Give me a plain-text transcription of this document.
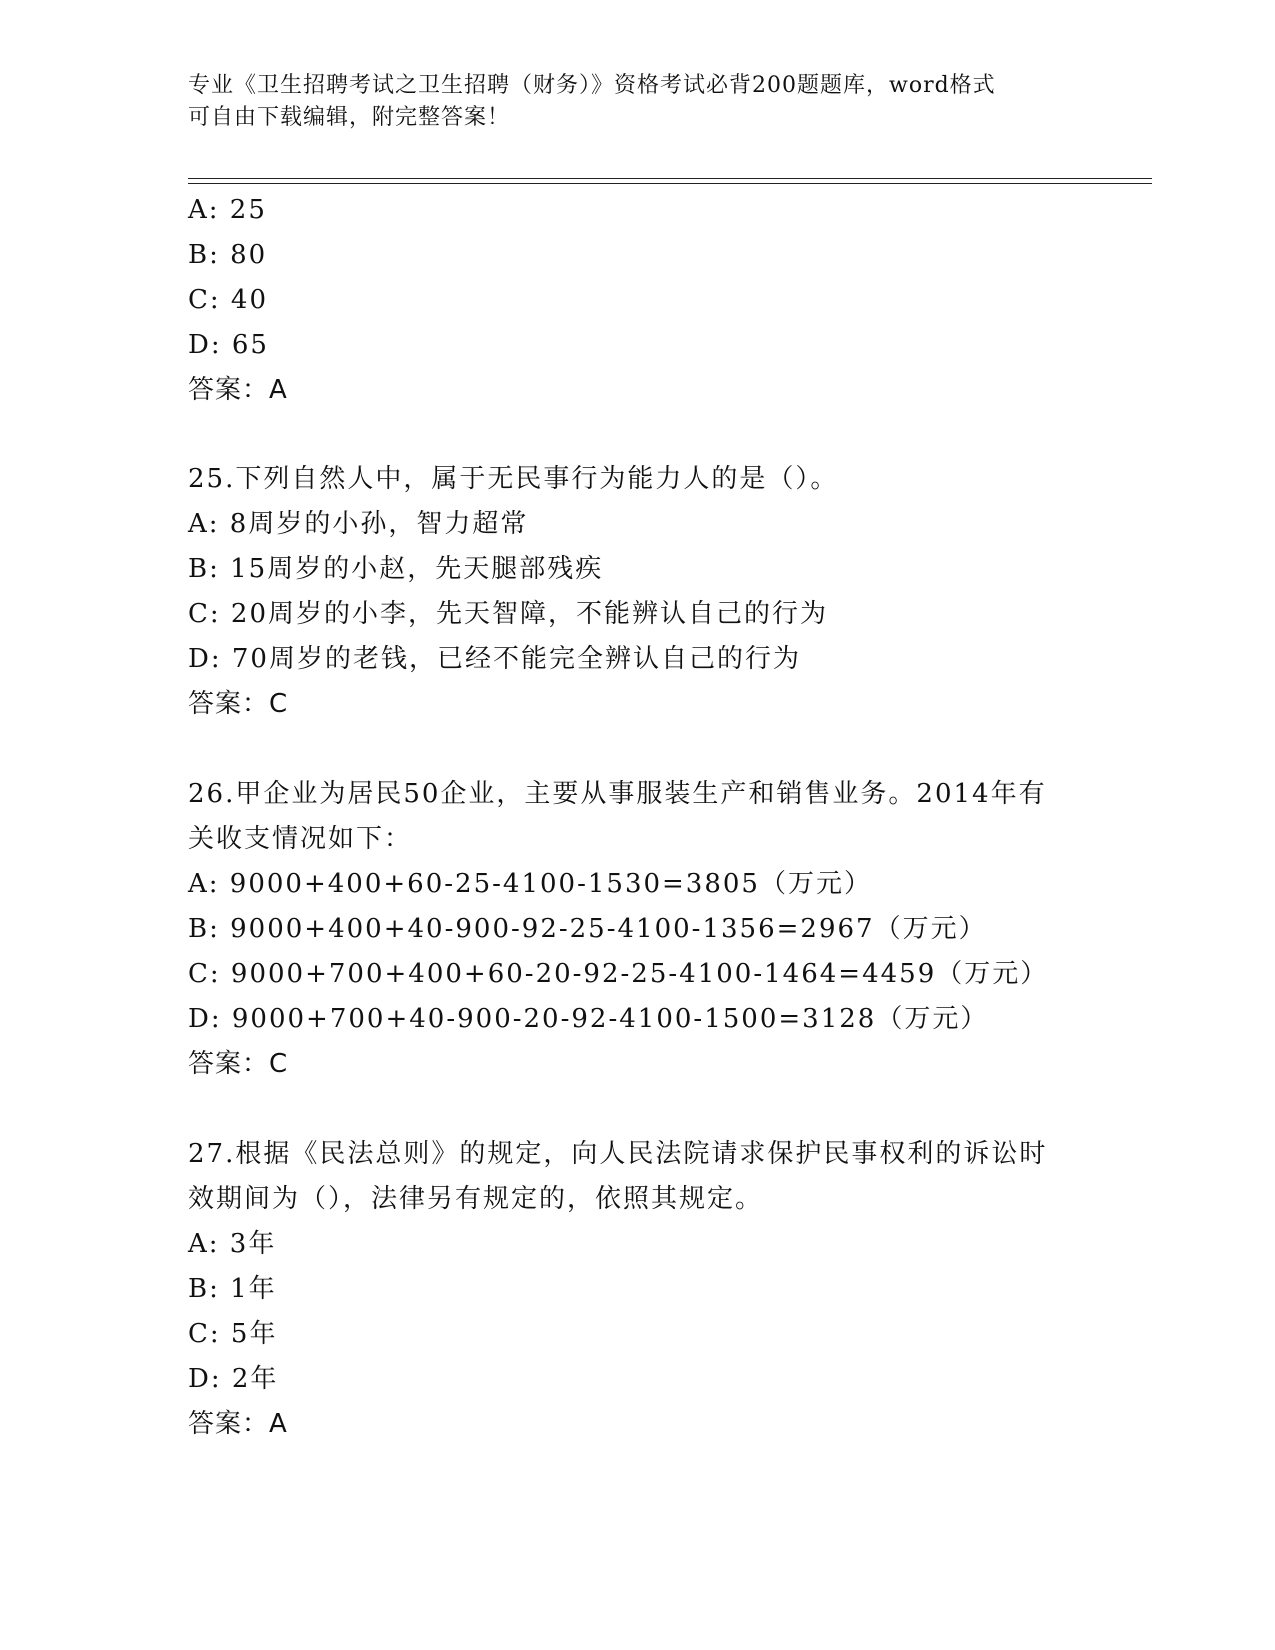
专业《卫生招聘考试之卫生招聘（财务）》资格考试必背200题题库，word格式
可自由下载编辑，附完整答案！
A: 25
B: 80
C: 40
D: 65
答案：A
25.下列自然人中，属于无民事行为能力人的是（）。
A: 8周岁的小孙，智力超常
B: 15周岁的小赵，先天腿部残疾
C: 20周岁的小李，先天智障，不能辨认自己的行为
D: 70周岁的老钱，已经不能完全辨认自己的行为
答案：C
26.甲企业为居民50企业，主要从事服装生产和销售业务。2014年有
关收支情况如下：
A: 9000+400+60-25-4100-1530=3805（万元）
B: 9000+400+40-900-92-25-4100-1356=2967（万元）
C: 9000+700+400+60-20-92-25-4100-1464=4459（万元）
D: 9000+700+40-900-20-92-4100-1500=3128（万元）
答案：C
27.根据《民法总则》的规定，向人民法院请求保护民事权利的诉讼时
效期间为（），法律另有规定的，依照其规定。
A: 3年
B: 1年
C: 5年
D: 2年
答案：A
